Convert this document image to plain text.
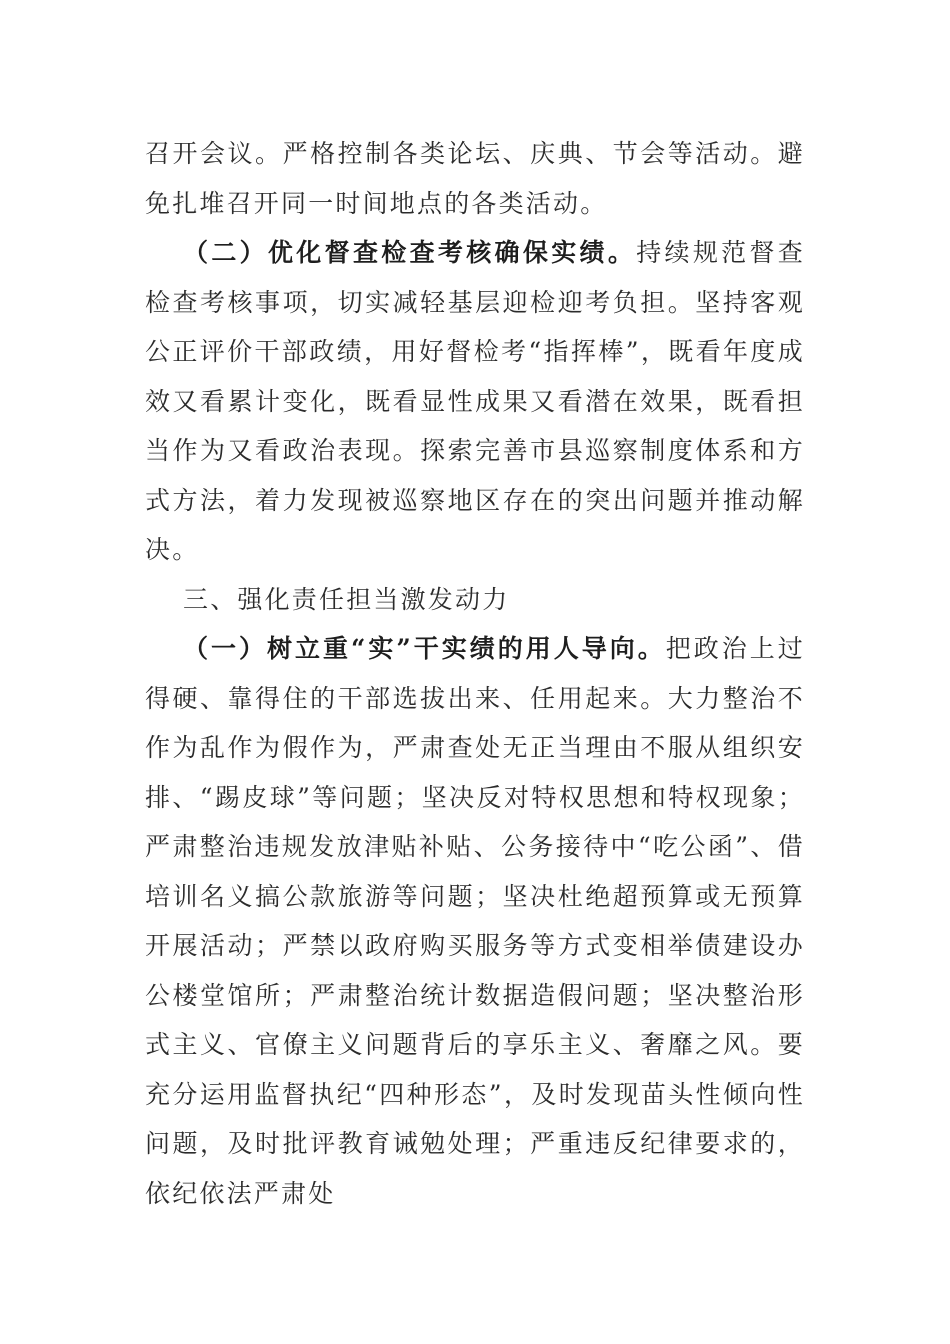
召开会议。严格控制各类论坛、庆典、节会等活动。避免扎堆召开同一时间地点的各类活动。

（二）优化督查检查考核确保实绩。持续规范督查检查考核事项，切实减轻基层迎检迎考负担。坚持客观公正评价干部政绩，用好督检考“指挥棒”，既看年度成效又看累计变化，既看显性成果又看潜在效果，既看担当作为又看政治表现。探索完善市县巡察制度体系和方式方法，着力发现被巡察地区存在的突出问题并推动解决。

三、强化责任担当激发动力

（一）树立重“实”干实绩的用人导向。把政治上过得硬、靠得住的干部选拔出来、任用起来。大力整治不作为乱作为假作为，严肃查处无正当理由不服从组织安排、“踢皮球”等问题；坚决反对特权思想和特权现象；严肃整治违规发放津贴补贴、公务接待中“吃公函”、借培训名义搞公款旅游等问题；坚决杜绝超预算或无预算开展活动；严禁以政府购买服务等方式变相举债建设办公楼堂馆所；严肃整治统计数据造假问题；坚决整治形式主义、官僚主义问题背后的享乐主义、奢靡之风。要充分运用监督执纪“四种形态”，及时发现苗头性倾向性问题，及时批评教育诫勉处理；严重违反纪律要求的，依纪依法严肃处
